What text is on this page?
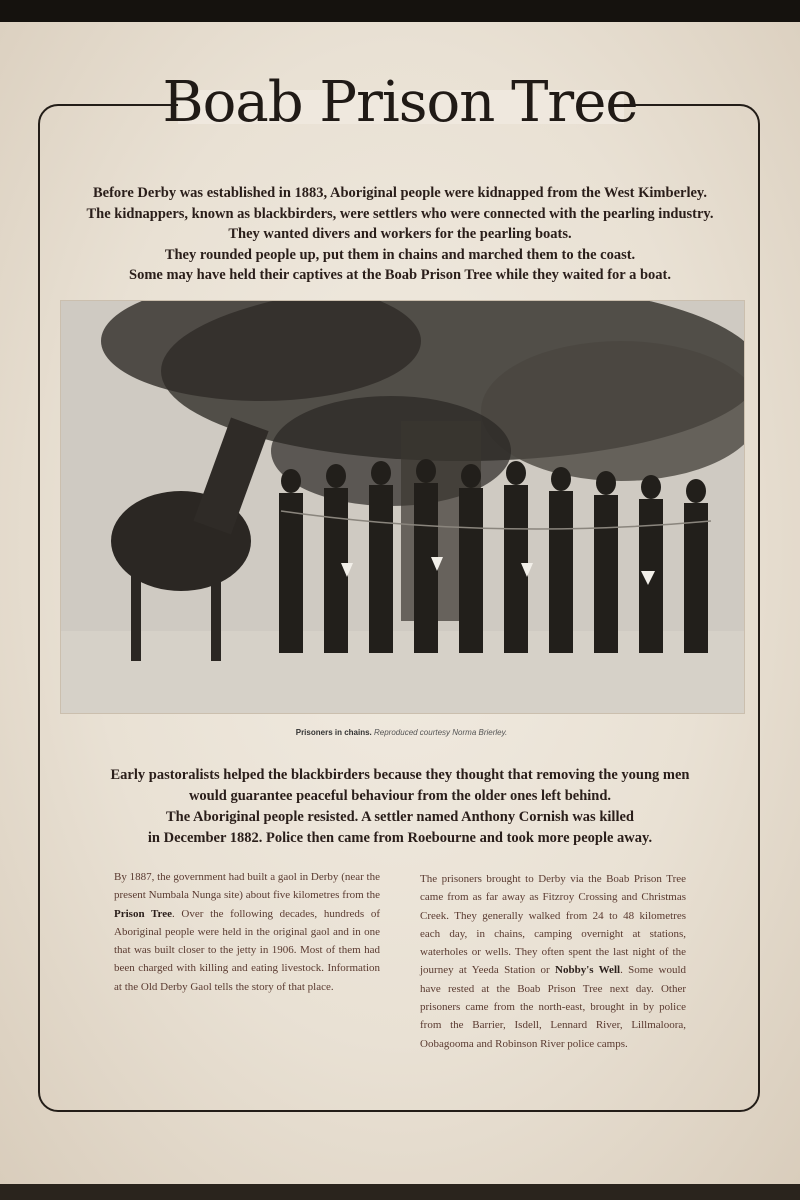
Boab Prison Tree
Before Derby was established in 1883, Aboriginal people were kidnapped from the West Kimberley.
The kidnappers, known as blackbirders, were settlers who were connected with the pearling industry.
They wanted divers and workers for the pearling boats.
They rounded people up, put them in chains and marched them to the coast.
Some may have held their captives at the Boab Prison Tree while they waited for a boat.
Prisoners in chains. Reproduced courtesy Norma Brierley.
Early pastoralists helped the blackbirders because they thought that removing the young men
would guarantee peaceful behaviour from the older ones left behind.
The Aboriginal people resisted. A settler named Anthony Cornish was killed
in December 1882. Police then came from Roebourne and took more people away.
By 1887, the government had built a gaol in Derby (near the present Numbala Nunga site) about five kilometres from the Prison Tree. Over the following decades, hundreds of Aboriginal people were held in the original gaol and in one that was built closer to the jetty in 1906. Most of them had been charged with killing and eating livestock. Information at the Old Derby Gaol tells the story of that place.
The prisoners brought to Derby via the Boab Prison Tree came from as far away as Fitzroy Crossing and Christmas Creek. They generally walked from 24 to 48 kilometres each day, in chains, camping overnight at stations, waterholes or wells. They often spent the last night of the journey at Yeeda Station or Nobby's Well. Some would have rested at the Boab Prison Tree next day. Other prisoners came from the north-east, brought in by police from the Barrier, Isdell, Lennard River, Lillmaloora, Oobagooma and Robinson River police camps.
